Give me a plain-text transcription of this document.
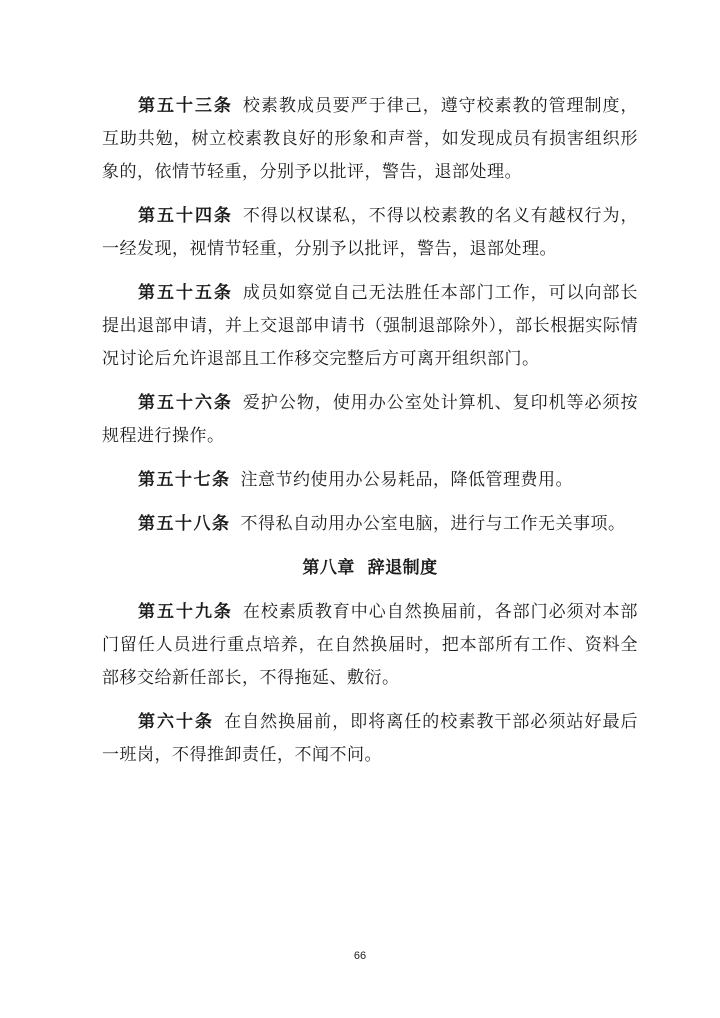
第五十三条 校素教成员要严于律己，遵守校素教的管理制度，互助共勉，树立校素教良好的形象和声誉，如发现成员有损害组织形象的，依情节轻重，分别予以批评，警告，退部处理。

第五十四条 不得以权谋私，不得以校素教的名义有越权行为，一经发现，视情节轻重，分别予以批评，警告，退部处理。

第五十五条 成员如察觉自己无法胜任本部门工作，可以向部长提出退部申请，并上交退部申请书（强制退部除外），部长根据实际情况讨论后允许退部且工作移交完整后方可离开组织部门。

第五十六条 爱护公物，使用办公室处计算机、复印机等必须按规程进行操作。

第五十七条 注意节约使用办公易耗品，降低管理费用。

第五十八条 不得私自动用办公室电脑，进行与工作无关事项。

第八章  辞退制度

第五十九条 在校素质教育中心自然换届前，各部门必须对本部门留任人员进行重点培养，在自然换届时，把本部所有工作、资料全部移交给新任部长，不得拖延、敷衍。

第六十条 在自然换届前，即将离任的校素教干部必须站好最后一班岗，不得推卸责任，不闻不问。

66
